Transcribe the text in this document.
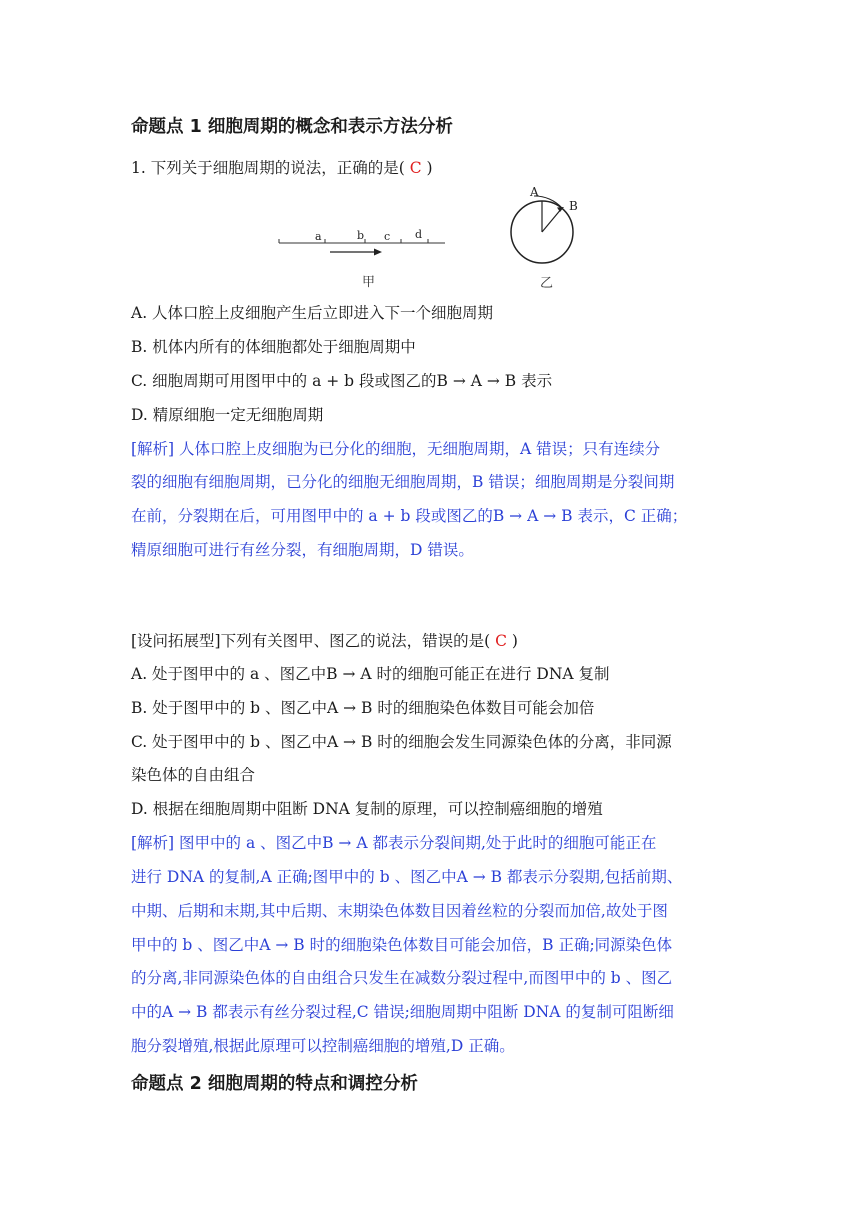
命题点 1 细胞周期的概念和表示方法分析
1. 下列关于细胞周期的说法，正确的是( C )
a	b c d
甲
A
B
乙
A. 人体口腔上皮细胞产生后立即进入下一个细胞周期
B. 机体内所有的体细胞都处于细胞周期中
C. 细胞周期可用图甲中的 a + b 段或图乙的B → A → B 表示
D. 精原细胞一定无细胞周期
[解析] 人体口腔上皮细胞为已分化的细胞，无细胞周期，A 错误；只有连续分
裂的细胞有细胞周期，已分化的细胞无细胞周期，B 错误；细胞周期是分裂间期
在前，分裂期在后，可用图甲中的 a + b 段或图乙的B → A → B 表示，C 正确；
精原细胞可进行有丝分裂，有细胞周期，D 错误。
[设问拓展型]下列有关图甲、图乙的说法，错误的是( C )
A. 处于图甲中的 a 、图乙中B → A 时的细胞可能正在进行 DNA 复制
B. 处于图甲中的 b 、图乙中A → B 时的细胞染色体数目可能会加倍
C. 处于图甲中的 b 、图乙中A → B 时的细胞会发生同源染色体的分离，非同源
染色体的自由组合
D. 根据在细胞周期中阻断 DNA 复制的原理，可以控制癌细胞的增殖
[解析] 图甲中的 a 、图乙中B → A 都表示分裂间期,处于此时的细胞可能正在
进行 DNA 的复制,A 正确;图甲中的 b 、图乙中A → B 都表示分裂期,包括前期、
中期、后期和末期,其中后期、末期染色体数目因着丝粒的分裂而加倍,故处于图
甲中的 b 、图乙中A → B 时的细胞染色体数目可能会加倍，B 正确;同源染色体
的分离,非同源染色体的自由组合只发生在减数分裂过程中,而图甲中的 b 、图乙
中的A → B 都表示有丝分裂过程,C 错误;细胞周期中阻断 DNA 的复制可阻断细
胞分裂增殖,根据此原理可以控制癌细胞的增殖,D 正确。
命题点 2 细胞周期的特点和调控分析
